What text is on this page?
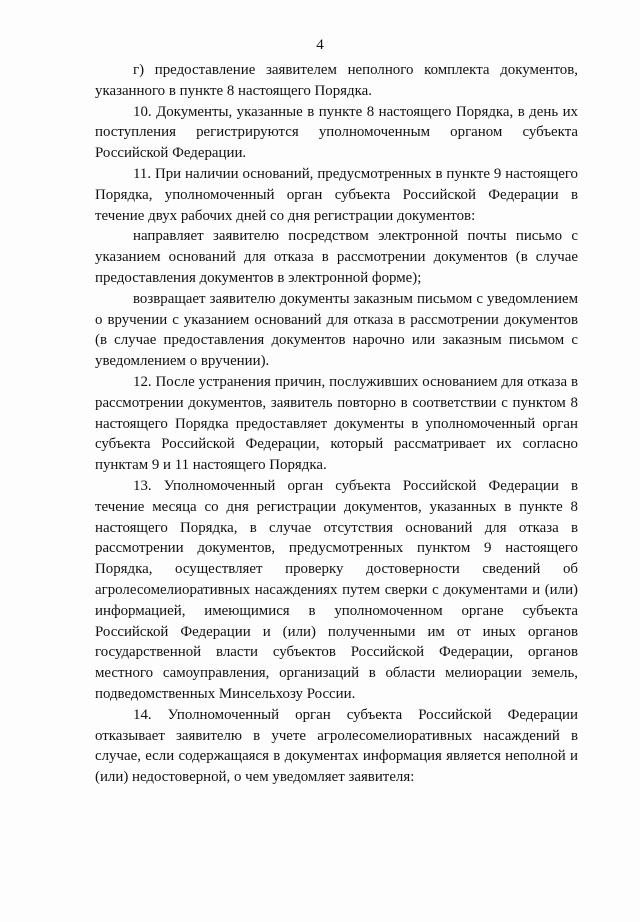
4

г) предоставление заявителем неполного комплекта документов, указанного в пункте 8 настоящего Порядка.

10. Документы, указанные в пункте 8 настоящего Порядка, в день их поступления регистрируются уполномоченным органом субъекта Российской Федерации.

11. При наличии оснований, предусмотренных в пункте 9 настоящего Порядка, уполномоченный орган субъекта Российской Федерации в течение двух рабочих дней со дня регистрации документов:

направляет заявителю посредством электронной почты письмо с указанием оснований для отказа в рассмотрении документов (в случае предоставления документов в электронной форме);

возвращает заявителю документы заказным письмом с уведомлением о вручении с указанием оснований для отказа в рассмотрении документов (в случае предоставления документов нарочно или заказным письмом с уведомлением о вручении).

12. После устранения причин, послуживших основанием для отказа в рассмотрении документов, заявитель повторно в соответствии с пунктом 8 настоящего Порядка предоставляет документы в уполномоченный орган субъекта Российской Федерации, который рассматривает их согласно пунктам 9 и 11 настоящего Порядка.

13. Уполномоченный орган субъекта Российской Федерации в течение месяца со дня регистрации документов, указанных в пункте 8 настоящего Порядка, в случае отсутствия оснований для отказа в рассмотрении документов, предусмотренных пунктом 9 настоящего Порядка, осуществляет проверку достоверности сведений об агролесомелиоративных насаждениях путем сверки с документами и (или) информацией, имеющимися в уполномоченном органе субъекта Российской Федерации и (или) полученными им от иных органов государственной власти субъектов Российской Федерации, органов местного самоуправления, организаций в области мелиорации земель, подведомственных Минсельхозу России.

14. Уполномоченный орган субъекта Российской Федерации отказывает заявителю в учете агролесомелиоративных насаждений в случае, если содержащаяся в документах информация является неполной и (или) недостоверной, о чем уведомляет заявителя:
